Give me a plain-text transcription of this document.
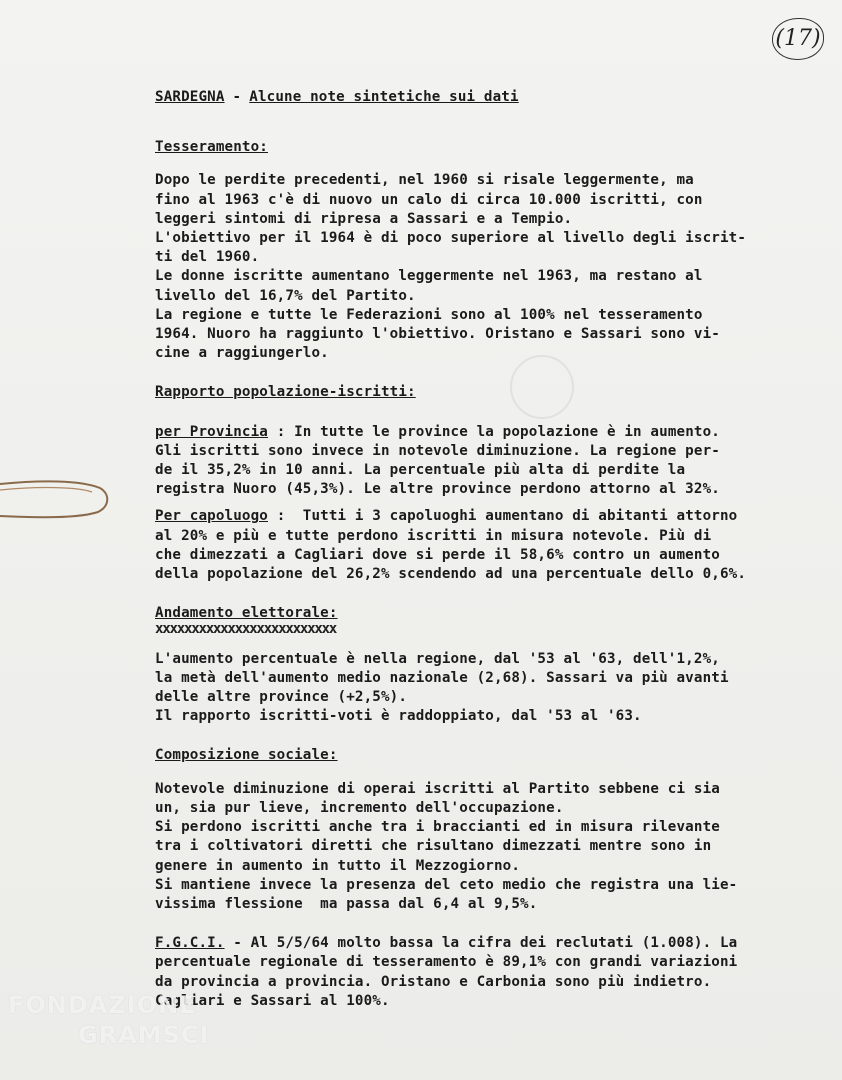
(17)
SARDEGNA - Alcune note sintetiche sui dati
Tesseramento:

Dopo le perdite precedenti, nel 1960 si risale leggermente, ma

fino al 1963 c'è di nuovo un calo di circa 10.000 iscritti, con

leggeri sintomi di ripresa a Sassari e a Tempio.

L'obiettivo per il 1964 è di poco superiore al livello degli iscrit-

ti del 1960.

Le donne iscritte aumentano leggermente nel 1963, ma restano al

livello del 16,7% del Partito.

La regione e tutte le Federazioni sono al 100% nel tesseramento

1964. Nuoro ha raggiunto l'obiettivo. Oristano e Sassari sono vi-

cine a raggiungerlo.

Rapporto popolazione-iscritti:

per Provincia : In tutte le province la popolazione è in aumento.

Gli iscritti sono invece in notevole diminuzione. La regione per-

de il 35,2% in 10 anni. La percentuale più alta di perdite la

registra Nuoro (45,3%). Le altre province perdono attorno al 32%.

Per capoluogo :  Tutti i 3 capoluoghi aumentano di abitanti attorno

al 20% e più e tutte perdono iscritti in misura notevole. Più di

che dimezzati a Cagliari dove si perde il 58,6% contro un aumento

della popolazione del 26,2% scendendo ad una percentuale dello 0,6%.

Andamento elettorale:
xxxxxxxxxxxxxxxxxxxxxxxxx

L'aumento percentuale è nella regione, dal '53 al '63, dell'1,2%,

la metà dell'aumento medio nazionale (2,68). Sassari va più avanti

delle altre province (+2,5%).

Il rapporto iscritti-voti è raddoppiato, dal '53 al '63.

Composizione sociale:

Notevole diminuzione di operai iscritti al Partito sebbene ci sia

un, sia pur lieve, incremento dell'occupazione.

Si perdono iscritti anche tra i braccianti ed in misura rilevante

tra i coltivatori diretti che risultano dimezzati mentre sono in

genere in aumento in tutto il Mezzogiorno.

Si mantiene invece la presenza del ceto medio che registra una lie-

vissima flessione  ma passa dal 6,4 al 9,5%.

F.G.C.I. - Al 5/5/64 molto bassa la cifra dei reclutati (1.008). La

percentuale regionale di tesseramento è 89,1% con grandi variazioni

da provincia a provincia. Oristano e Carbonia sono più indietro.

Cagliari e Sassari al 100%.

FONDAZIONE
GRAMSCI
